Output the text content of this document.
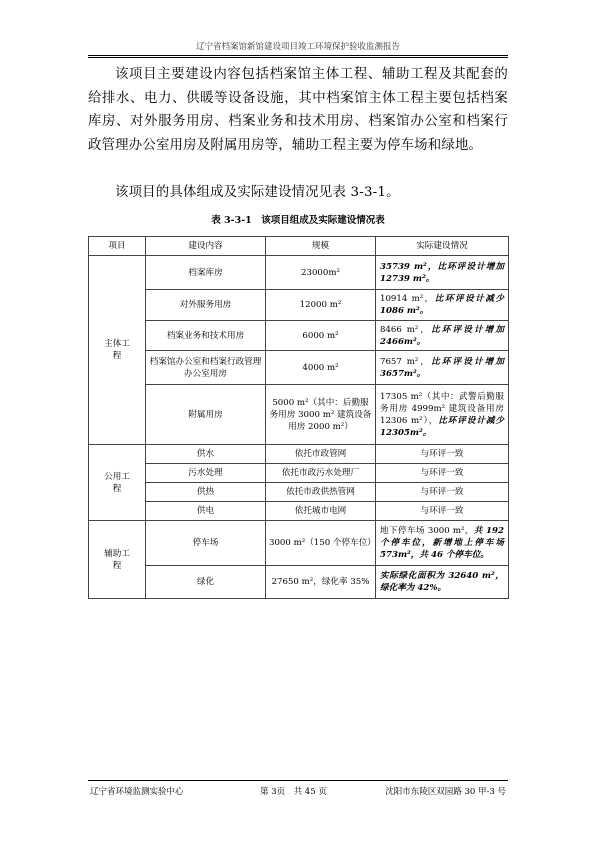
辽宁省档案馆新馆建设项目竣工环境保护验收监测报告
该项目主要建设内容包括档案馆主体工程、辅助工程及其配套的给排水、电力、供暖等设备设施，其中档案馆主体工程主要包括档案库房、对外服务用房、档案业务和技术用房、档案馆办公室和档案行政管理办公室用房及附属用房等，辅助工程主要为停车场和绿地。
该项目的具体组成及实际建设情况见表 3-3-1。
表 3-3-1　该项目组成及实际建设情况表
项目	建设内容	规模	实际建设情况
主体工程	档案库房	23000m²	35739 m²，比环评设计增加12739 m²。
	对外服务用房	12000 m²	10914 m²，比环评设计减少1086 m²。
	档案业务和技术用房	6000 m²	8466 m²，比环评设计增加2466m²。
	档案馆办公室和档案行政管理办公室用房	4000 m²	7657 m²，比环评设计增加3657m²。
	附属用房	5000 m²（其中：后勤服务用房 3000 m² 建筑设备用房 2000 m²）	17305 m²（其中：武警后勤服务用房 4999m² 建筑设备用房 12306 m²），比环评设计减少12305m²。
公用工程	供水	依托市政管网	与环评一致
	污水处理	依托市政污水处理厂	与环评一致
	供热	依托市政供热管网	与环评一致
	供电	依托城市电网	与环评一致
辅助工程	停车场	3000 m²（150 个停车位）	地下停车场 3000 m²，共 192 个停车位，新增地上停车场 573m²，共 46 个停车位。
	绿化	27650 m²，绿化率 35%	实际绿化面积为 32640 m²，绿化率为 42%。
辽宁省环境监测实验中心	第 3页　共 45 页	沈阳市东陵区双园路 30 甲-3 号
